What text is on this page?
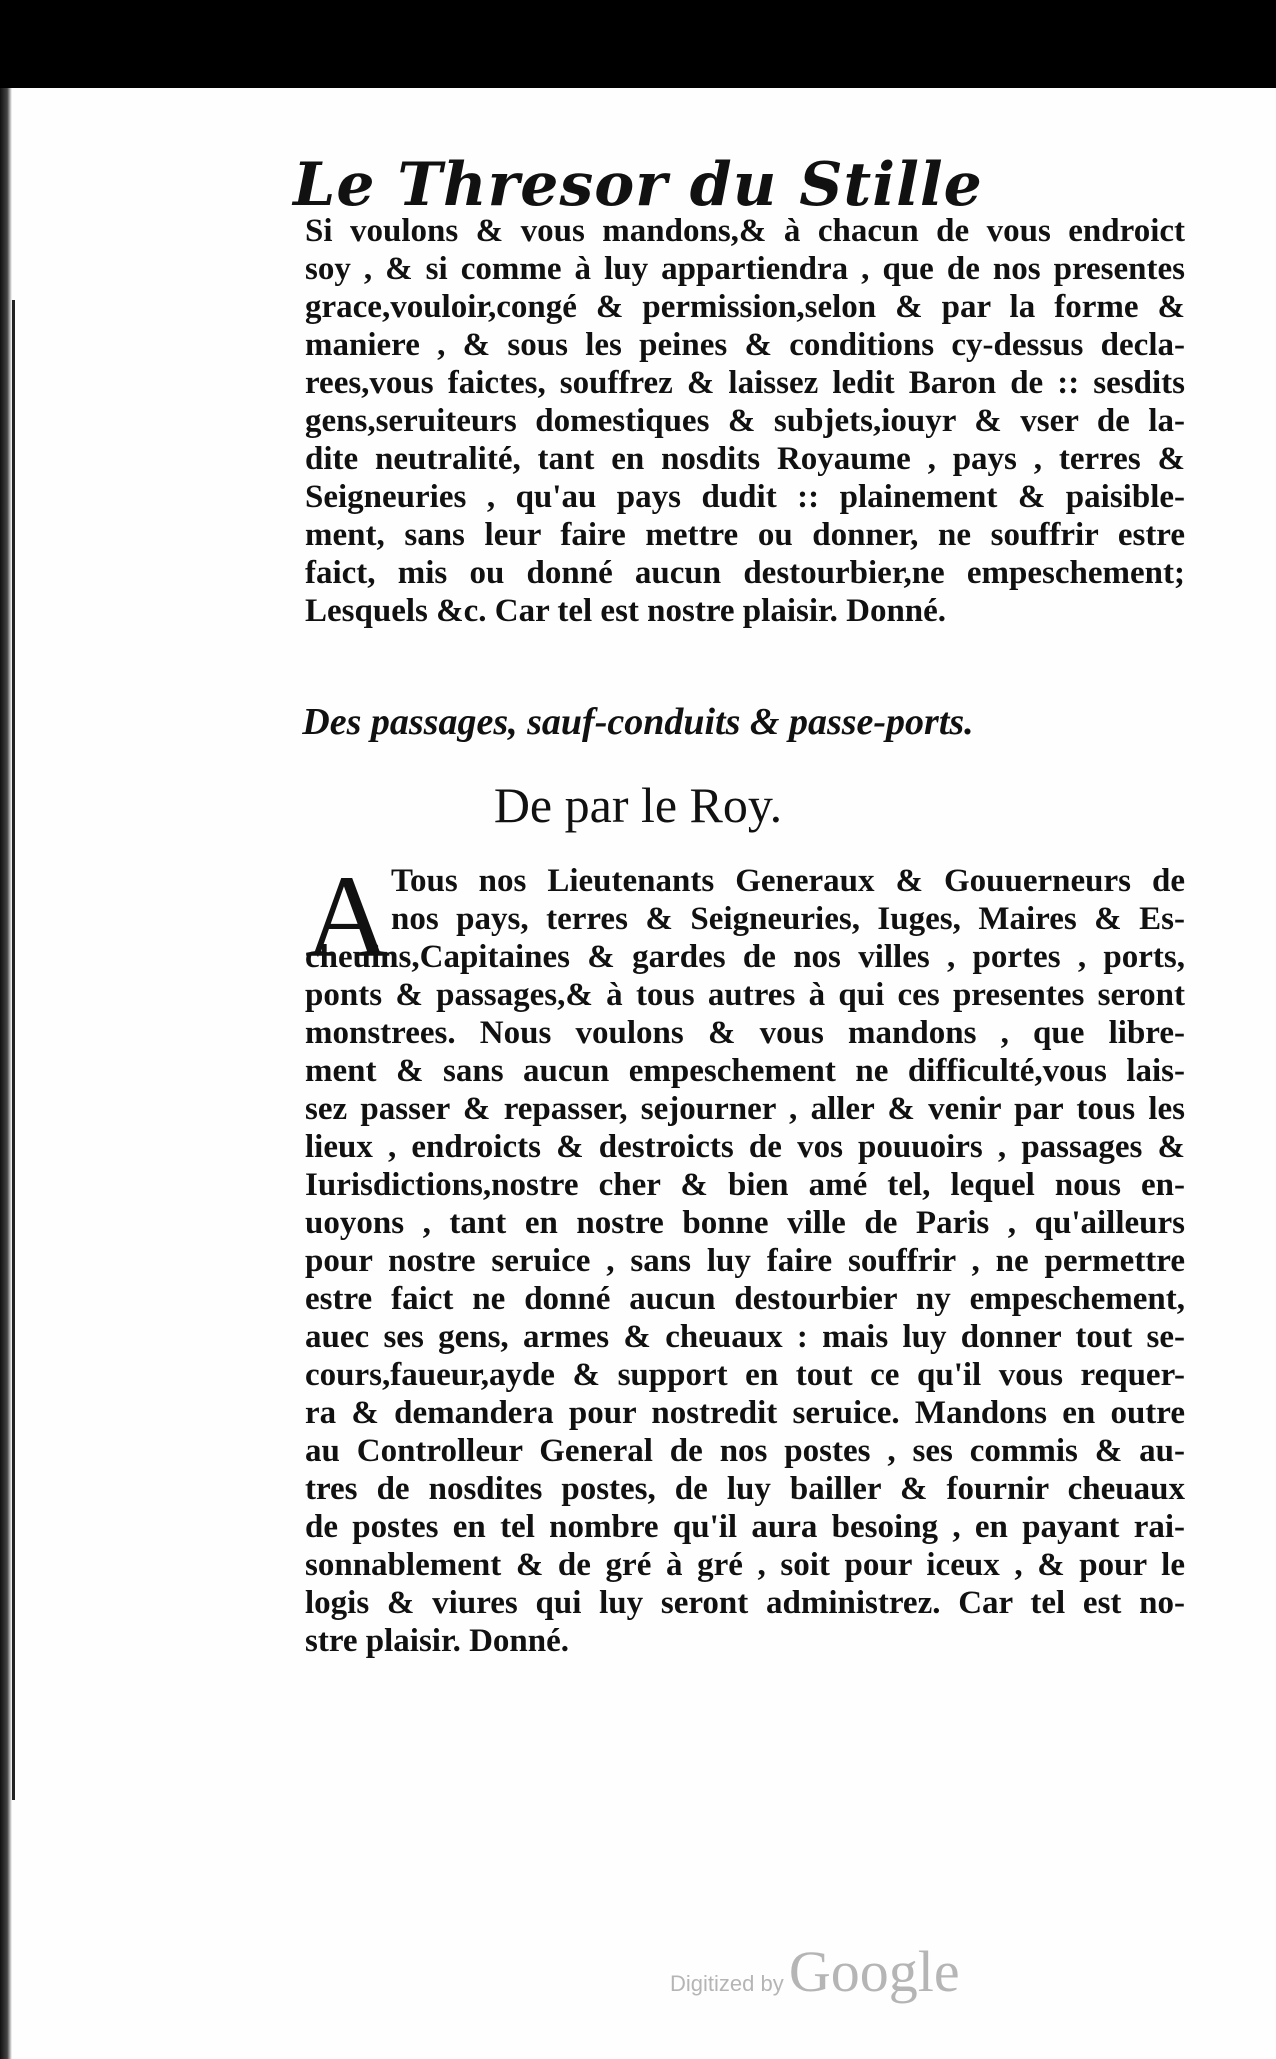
Le Thresor du Stille
Si voulons & vous mandons,& à chacun de vous endroict
soy , & si comme à luy appartiendra , que de nos presentes
grace,vouloir,congé & permission,selon & par la forme &
maniere , & sous les peines & conditions cy-dessus decla-
rees,vous faictes, souffrez & laissez ledit Baron de :: sesdits
gens,seruiteurs domestiques & subjets,iouyr & vser de la-
dite neutralité, tant en nosdits Royaume , pays , terres &
Seigneuries , qu'au pays dudit :: plainement & paisible-
ment, sans leur faire mettre ou donner, ne souffrir estre
faict, mis ou donné aucun destourbier,ne empeschement;
Lesquels &c. Car tel est nostre plaisir. Donné.
Des passages, sauf-conduits & passe-ports.
De par le Roy.
A Tous nos Lieutenants Generaux & Gouuerneurs de
nos pays, terres & Seigneuries, Iuges, Maires & Es-
cheuins,Capitaines & gardes de nos villes , portes , ports,
ponts & passages,& à tous autres à qui ces presentes seront
monstrees. Nous voulons & vous mandons , que libre-
ment & sans aucun empeschement ne difficulté,vous lais-
sez passer & repasser, sejourner , aller & venir par tous les
lieux , endroicts & destroicts de vos pouuoirs , passages &
Iurisdictions,nostre cher & bien amé tel, lequel nous en-
uoyons , tant en nostre bonne ville de Paris , qu'ailleurs
pour nostre seruice , sans luy faire souffrir , ne permettre
estre faict ne donné aucun destourbier ny empeschement,
auec ses gens, armes & cheuaux : mais luy donner tout se-
cours,faueur,ayde & support en tout ce qu'il vous requer-
ra & demandera pour nostredit seruice. Mandons en outre
au Controlleur General de nos postes , ses commis & au-
tres de nosdites postes, de luy bailler & fournir cheuaux
de postes en tel nombre qu'il aura besoing , en payant rai-
sonnablement & de gré à gré , soit pour iceux , & pour le
logis & viures qui luy seront administrez. Car tel est no-
stre plaisir. Donné.
Digitized by Google
